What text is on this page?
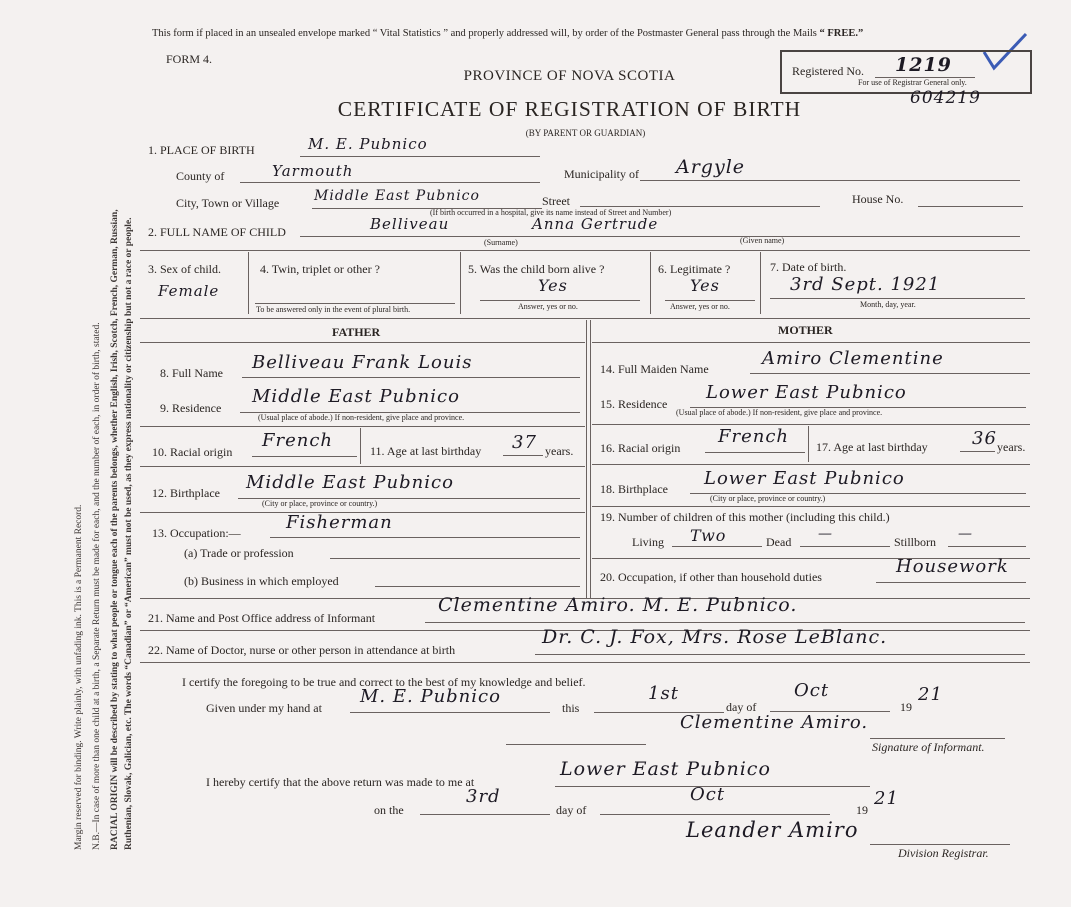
Margin reserved for binding. Write plainly, with unfading ink. This is a Permanent Record. N.B.—In case of more than one child at a birth, a Separate Return must be made for each, and the number of each, in order of birth, stated. RACIAL ORIGIN will be described by stating to what people or tongue each of the parents belongs, whether English, Irish, Scotch, French, German, Russian, Ruthenian, Slovak, Galician, etc. The words “Canadian” or “American” must not be used, as they express nationality or citizenship but not a race or people.
This form if placed in an unsealed envelope marked “ Vital Statistics ” and properly addressed will, by order of the Postmaster General pass through the Mails “ FREE.”
FORM 4.
Registered No. 1219
For use of Registrar General only.
604219
PROVINCE OF NOVA SCOTIA
CERTIFICATE OF REGISTRATION OF BIRTH
(BY PARENT OR GUARDIAN)
1. PLACE OF BIRTH	M. E. Pubnico
County of	Yarmouth	Municipality of Argyle
City, Town or Village Middle East Pubnico	Street	House No.
(If birth occurred in a hospital, give its name instead of Street and Number)
2. FULL NAME OF CHILD	Belliveau	Anna Gertrude
(Surname)	(Given name)
3. Sex of child.
Female
4. Twin, triplet or other ?
To be answered only in the event of plural birth.
5. Was the child born alive ?
Yes
Answer, yes or no.
6. Legitimate ?
Yes
Answer, yes or no.
7. Date of birth.
3rd Sept. 1921
Month, day, year.
FATHER	MOTHER
8. Full Name Belliveau Frank Louis
9. Residence
Middle East Pubnico
(Usual place of abode.) If non-resident, give place and province.
10. Racial origin
French	11. Age at last birthday 37 years.
12. Birthplace Middle East Pubnico
(City or place, province or country.)
13. Occupation:—	Fisherman
(a) Trade or profession
(b) Business in which employed
14. Full Maiden Name	Amiro Clementine
15. Residence
Lower East Pubnico
(Usual place of abode.) If non-resident, give place and province.
16. Racial origin
French 17. Age at last birthday 36 years.
18. Birthplace Lower East Pubnico
(City or place, province or country.)
19. Number of children of this mother (including this child.)
Living Two	Dead —	Stillborn —
20. Occupation, if other than household duties	Housework
21. Name and Post Office address of Informant
Clementine Amiro. M. E. Pubnico.
22. Name of Doctor, nurse or other person in attendance at birth
Dr. C. J. Fox, Mrs. Rose LeBlanc.
I certify the foregoing to be true and correct to the best of my knowledge and belief.
Given under my hand at
M. E. Pubnico
this
1st
day of
Oct
19
21
Clementine Amiro.
Signature of Informant.
I hereby certify that the above return was made to me at
Lower East Pubnico
on the
3rd
day of
Oct
19
21
Leander Amiro
Division Registrar.
